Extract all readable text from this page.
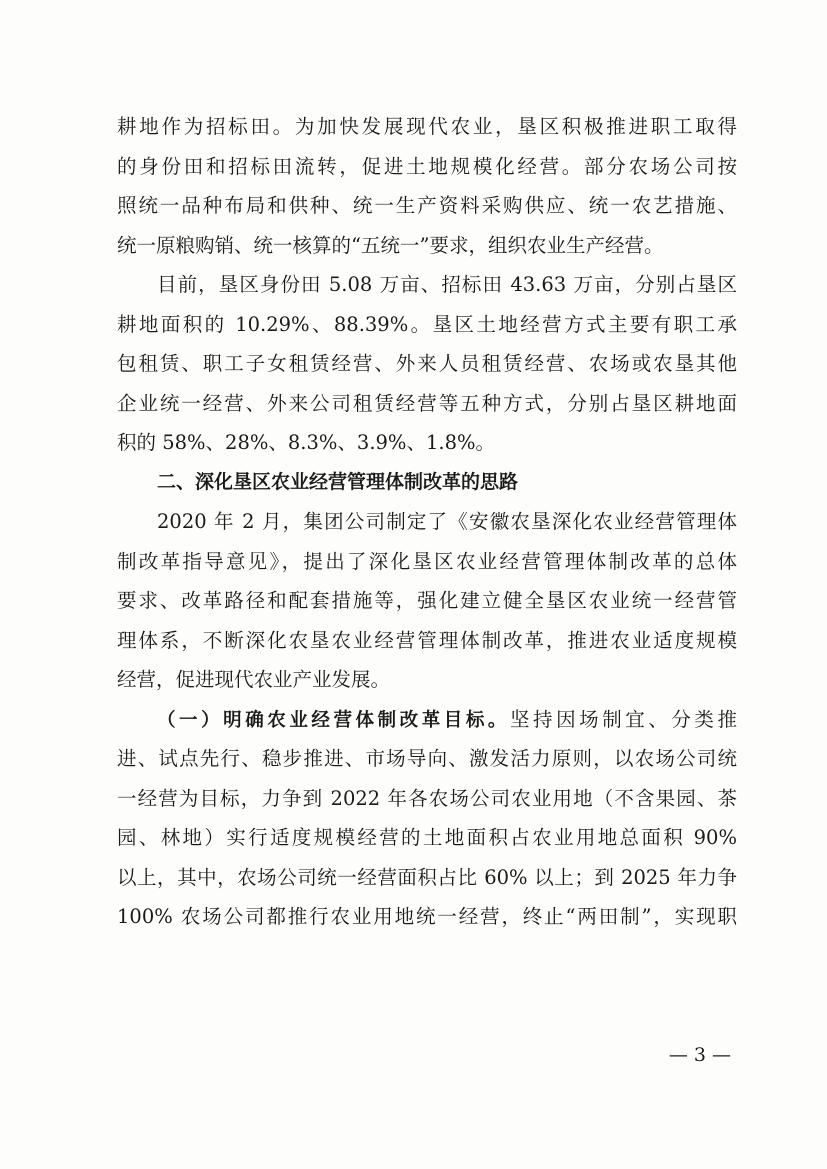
耕地作为招标田。为加快发展现代农业，垦区积极推进职工取得
的身份田和招标田流转，促进土地规模化经营。部分农场公司按
照统一品种布局和供种、统一生产资料采购供应、统一农艺措施、
统一原粮购销、统一核算的“五统一”要求，组织农业生产经营。
目前，垦区身份田 5.08 万亩、招标田 43.63 万亩，分别占垦区
耕地面积的 10.29%、88.39%。垦区土地经营方式主要有职工承
包租赁、职工子女租赁经营、外来人员租赁经营、农场或农垦其他
企业统一经营、外来公司租赁经营等五种方式，分别占垦区耕地面
积的 58%、28%、8.3%、3.9%、1.8%。
二、深化垦区农业经营管理体制改革的思路
2020 年 2 月，集团公司制定了《安徽农垦深化农业经营管理体
制改革指导意见》，提出了深化垦区农业经营管理体制改革的总体
要求、改革路径和配套措施等，强化建立健全垦区农业统一经营管
理体系，不断深化农垦农业经营管理体制改革，推进农业适度规模
经营，促进现代农业产业发展。
（一）明确农业经营体制改革目标。坚持因场制宜、分类推
进、试点先行、稳步推进、市场导向、激发活力原则，以农场公司统
一经营为目标，力争到 2022 年各农场公司农业用地（不含果园、茶
园、林地）实行适度规模经营的土地面积占农业用地总面积 90%
以上，其中，农场公司统一经营面积占比 60% 以上；到 2025 年力争
100% 农场公司都推行农业用地统一经营，终止“两田制”，实现职
— 3 —
